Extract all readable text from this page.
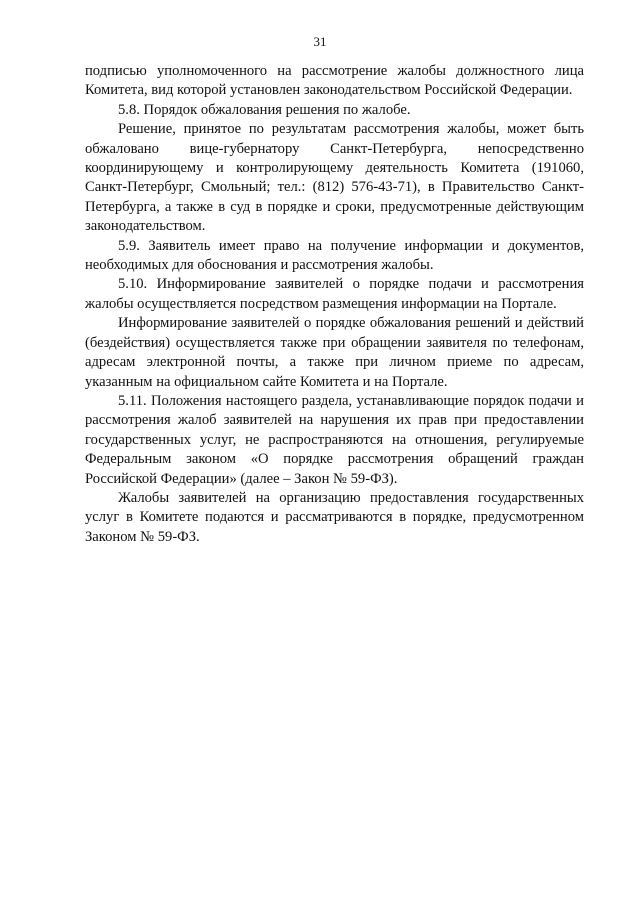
31

подписью уполномоченного на рассмотрение жалобы должностного лица Комитета, вид которой установлен законодательством Российской Федерации.

5.8. Порядок обжалования решения по жалобе.

Решение, принятое по результатам рассмотрения жалобы, может быть обжаловано вице-губернатору Санкт-Петербурга, непосредственно координирующему и контролирующему деятельность Комитета (191060, Санкт-Петербург, Смольный; тел.: (812) 576-43-71), в Правительство Санкт-Петербурга, а также в суд в порядке и сроки, предусмотренные действующим законодательством.

5.9. Заявитель имеет право на получение информации и документов, необходимых для обоснования и рассмотрения жалобы.

5.10. Информирование заявителей о порядке подачи и рассмотрения жалобы осуществляется посредством размещения информации на Портале.

Информирование заявителей о порядке обжалования решений и действий (бездействия) осуществляется также при обращении заявителя по телефонам, адресам электронной почты, а также при личном приеме по адресам, указанным на официальном сайте Комитета и на Портале.

5.11. Положения настоящего раздела, устанавливающие порядок подачи и рассмотрения жалоб заявителей на нарушения их прав при предоставлении государственных услуг, не распространяются на отношения, регулируемые Федеральным законом «О порядке рассмотрения обращений граждан Российской Федерации» (далее – Закон № 59-ФЗ).

Жалобы заявителей на организацию предоставления государственных услуг в Комитете подаются и рассматриваются в порядке, предусмотренном Законом № 59-ФЗ.
